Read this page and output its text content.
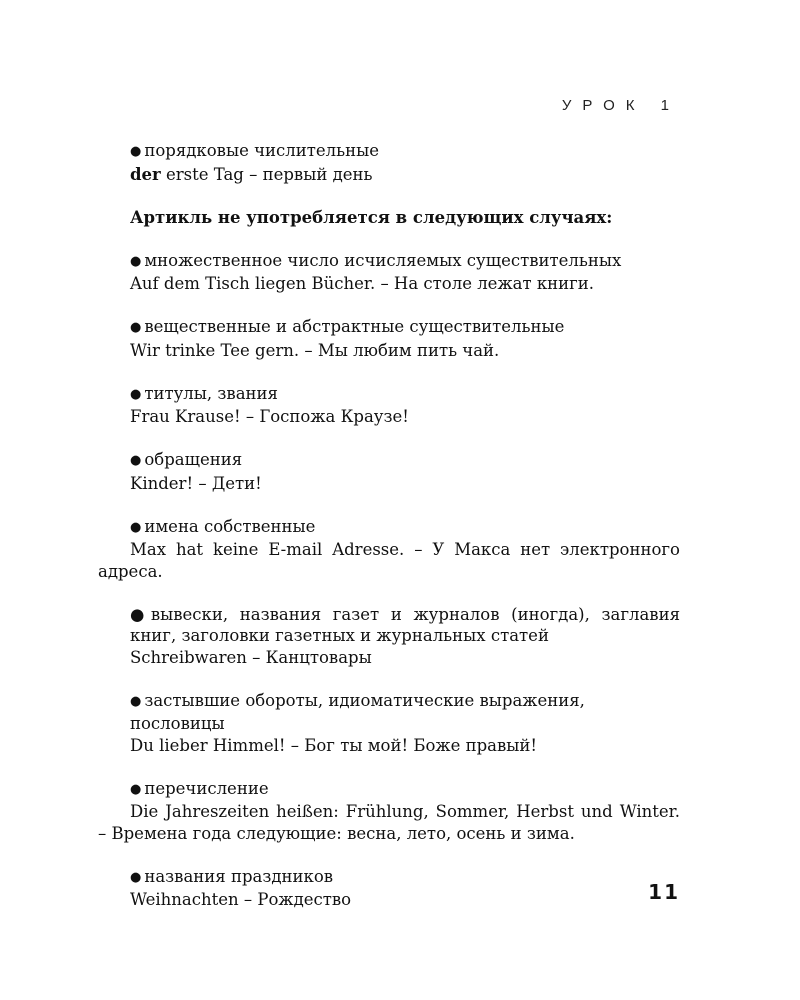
УРОК 1
● порядковые числительные
der erste Tag – первый день
Артикль не употребляется в следующих случаях:
● множественное число исчисляемых существительных
Auf dem Tisch liegen Bücher. – На столе лежат книги.
● вещественные и абстрактные существительные
Wir trinke Tee gern. – Мы любим пить чай.
● титулы, звания
Frau Krause! – Госпожа Краузе!
● обращения
Kinder! – Дети!
● имена собственные
Max hat keine E-mail Adresse. – У Макса нет электронного адреса.
●вывески, названия газет и журналов (иногда), заглавия книг, заголовки газетных и журнальных статей
Schreibwaren – Канцтовары
● застывшие обороты, идиоматические выражения, пословицы
Du lieber Himmel! – Бог ты мой! Боже правый!
● перечисление
Die Jahreszeiten heißen: Frühlung, Sommer, Herbst und Winter. – Времена года следующие: весна, лето, осень и зима.
● названия праздников
Weihnachten – Рождество	11
